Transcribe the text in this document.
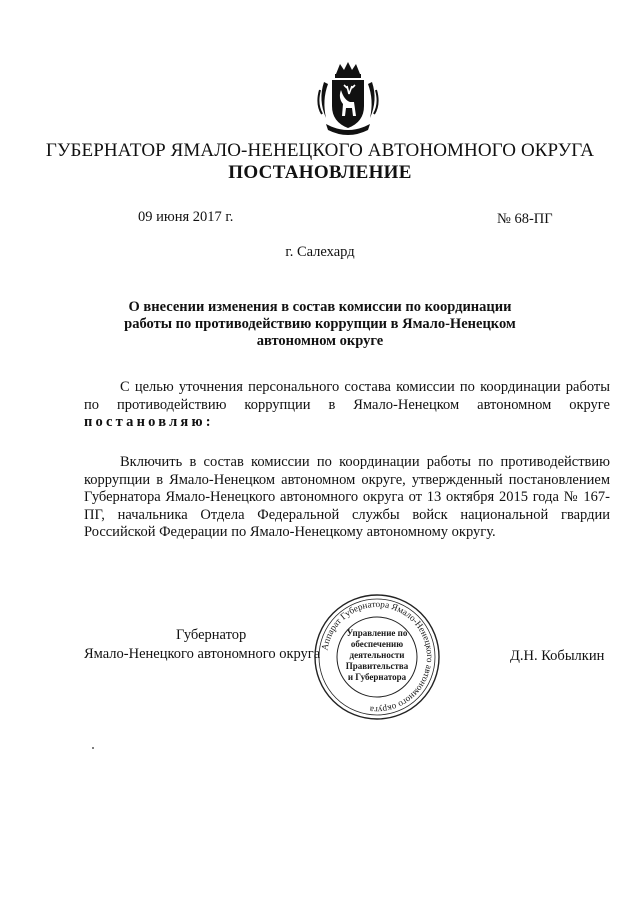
ГУБЕРНАТОР ЯМАЛО-НЕНЕЦКОГО АВТОНОМНОГО ОКРУГА
ПОСТАНОВЛЕНИЕ
09 июня 2017 г.	№ 68-ПГ
г. Салехард
О внесении изменения в состав комиссии по координации
работы по противодействию коррупции в Ямало-Ненецком
автономном округе
С целью уточнения персонального состава комиссии по координации работы по противодействию коррупции в Ямало-Ненецком автономном округе постановляю:
Включить в состав комиссии по координации работы по противодействию коррупции в Ямало-Ненецком автономном округе, утвержденный постановлением Губернатора Ямало-Ненецкого автономного округа от 13 октября 2015 года № 167-ПГ, начальника Отдела Федеральной службы войск национальной гвардии Российской Федерации по Ямало-Ненецкому автономному округу.
Губернатор
Ямало-Ненецкого автономного округа	Д.Н. Кобылкин
Аппарат Губернатора Ямало-Ненецкого автономного округа
Управление по
обеспечению
деятельности
Правительства
и Губернатора
